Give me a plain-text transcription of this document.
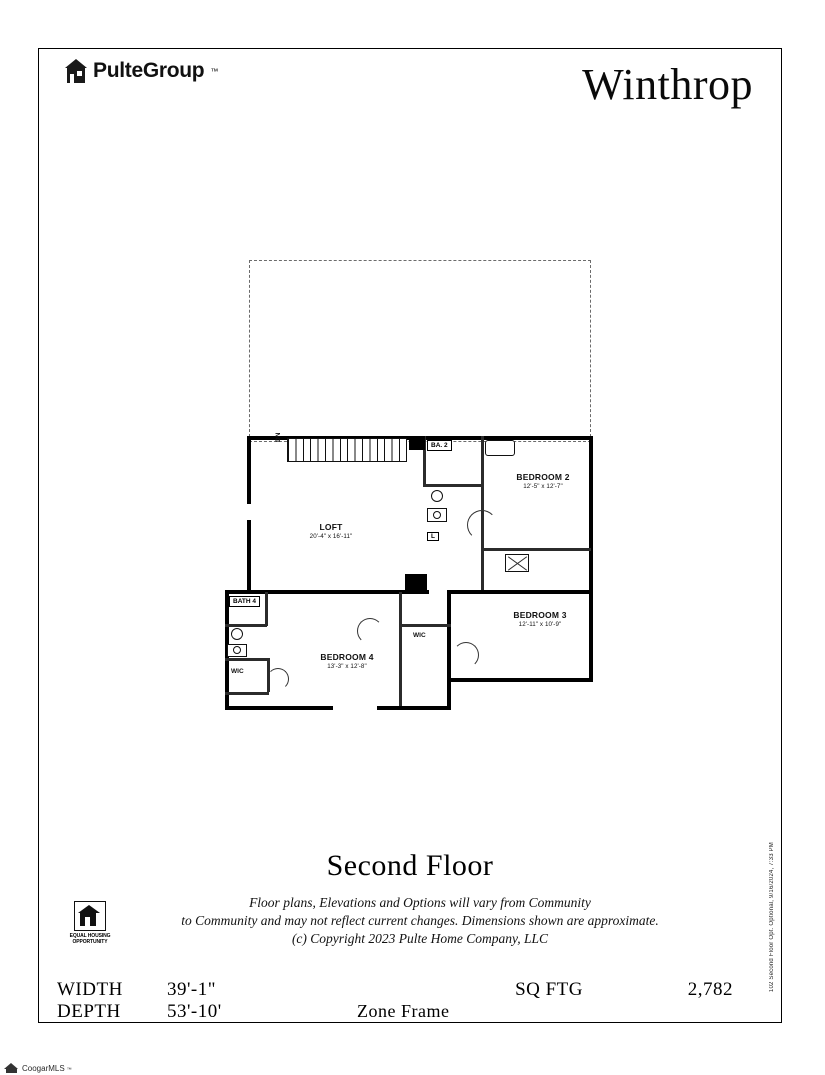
PulteGroup ™	Winthrop
DN
LOFT
20'-4" x 16'-11"
BA. 2
L
BEDROOM 2
12'-5" x 12'-7"
BEDROOM 3
12'-11" x 10'-9"
WIC
BEDROOM 4
13'-3" x 12'-8"
BATH 4
WIC
102 Second Floor Opt. Optional, 9/16/2024, 7:33 PM
Second Floor
Floor plans, Elevations and Options will vary from Community
to Community and may not reflect current changes. Dimensions shown are approximate.
(c) Copyright 2023 Pulte Home Company, LLC
EQUAL HOUSING
OPPORTUNITY
WIDTH 39'-1"
DEPTH 53'-10'
SQ FTG	2,782
Zone Frame
CoogarMLS ™
